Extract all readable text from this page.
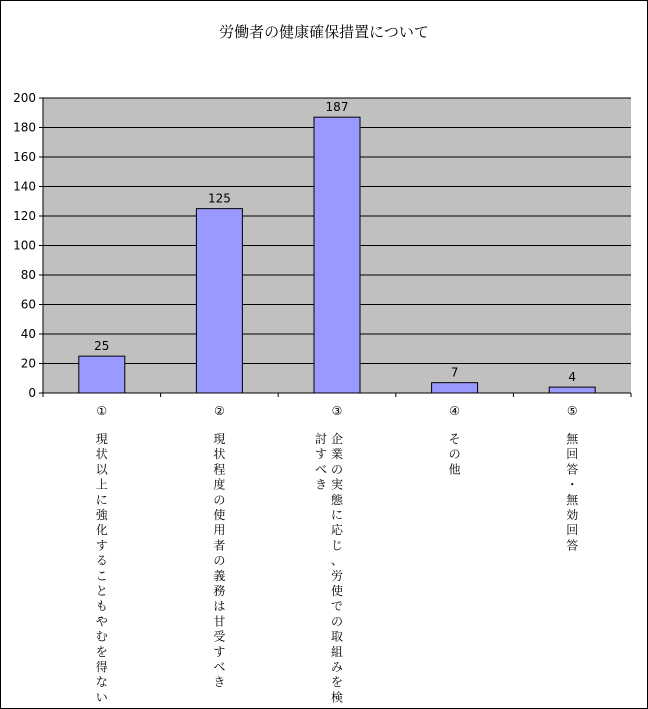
労働者の健康確保措置について
0
20
40
60
80
100
120
140
160
180
200
25
125
187
7	4
①
現状以上に強化することもやむを得ない
②
現状程度の使用者の義務は甘受すべき
③
企業の実態に応じ、労使での取組みを検
討すべき
④
その他
⑤
無回答・無効回答
